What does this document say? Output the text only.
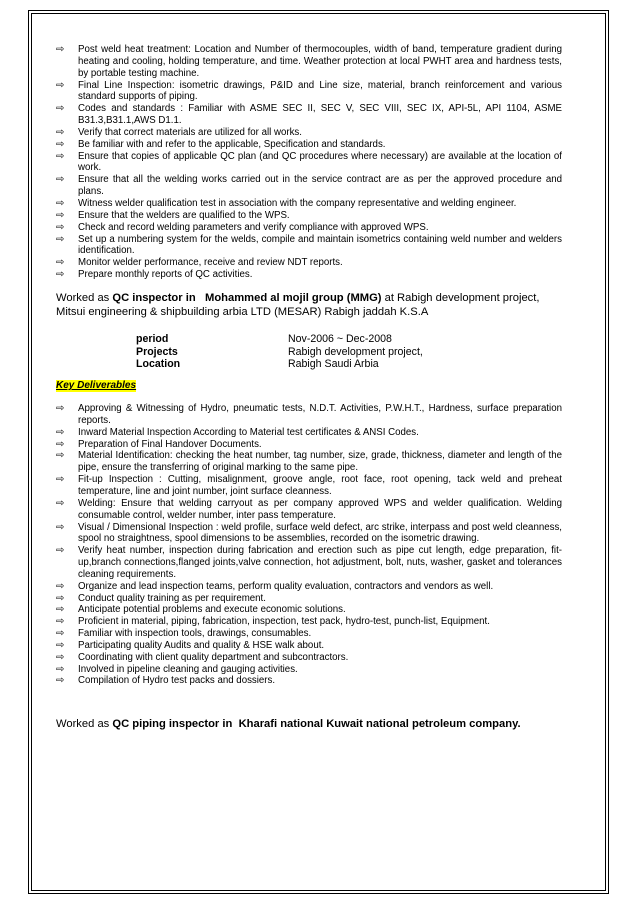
⇨ Post weld heat treatment: Location and Number of thermocouples, width of band, temperature gradient during heating and cooling, holding temperature, and time. Weather protection at local PWHT area and hardness tests, by portable testing machine.
⇨ Final Line Inspection: isometric drawings, P&ID and Line size, material, branch reinforcement and various standard supports of piping.
⇨ Codes and standards : Familiar with ASME SEC II, SEC V, SEC VIII, SEC IX, API-5L, API 1104, ASME B31.3,B31.1,AWS D1.1.
⇨ Verify that correct materials are utilized for all works.
⇨ Be familiar with and refer to the applicable, Specification and standards.
⇨ Ensure that copies of applicable QC plan (and QC procedures where necessary) are available at the location of work.
⇨ Ensure that all the welding works carried out in the service contract are as per the approved procedure and plans.
⇨ Witness welder qualification test in association with the company representative and welding engineer.
⇨ Ensure that the welders are qualified to the WPS.
⇨ Check and record welding parameters and verify compliance with approved WPS.
⇨ Set up a numbering system for the welds, compile and maintain isometrics containing weld number and welders identification.
⇨ Monitor welder performance, receive and review NDT reports.
⇨ Prepare monthly reports of QC activities.

Worked as QC inspector in Mohammed al mojil group (MMG) at Rabigh development project, Mitsui engineering & shipbuilding arbia LTD (MESAR) Rabigh jaddah K.S.A

period	Nov-2006 ~ Dec-2008
Projects	Rabigh development project,
Location	Rabigh Saudi Arbia
Key Deliverables
⇨ Approving & Witnessing of Hydro, pneumatic tests, N.D.T. Activities, P.W.H.T., Hardness, surface preparation reports.
⇨ Inward Material Inspection According to Material test certificates & ANSI Codes.
⇨ Preparation of Final Handover Documents.
⇨ Material Identification: checking the heat number, tag number, size, grade, thickness, diameter and length of the pipe, ensure the transferring of original marking to the same pipe.
⇨ Fit-up Inspection : Cutting, misalignment, groove angle, root face, root opening, tack weld and preheat temperature, line and joint number, joint surface cleanness.
⇨ Welding: Ensure that welding carryout as per company approved WPS and welder qualification. Welding consumable control, welder number, inter pass temperature.
⇨ Visual / Dimensional Inspection : weld profile, surface weld defect, arc strike, interpass and post weld cleanness, spool no straightness, spool dimensions to be assemblies, recorded on the isometric drawing.
⇨ Verify heat number, inspection during fabrication and erection such as pipe cut length, edge preparation, fit-up,branch connections,flanged joints,valve connection, hot adjustment, bolt, nuts, washer, gasket and tolerances cleaning requirements.
⇨ Organize and lead inspection teams, perform quality evaluation, contractors and vendors as well.
⇨ Conduct quality training as per requirement.
⇨ Anticipate potential problems and execute economic solutions.
⇨ Proficient in material, piping, fabrication, inspection, test pack, hydro-test, punch-list, Equipment.
⇨ Familiar with inspection tools, drawings, consumables.
⇨ Participating quality Audits and quality & HSE walk about.
⇨ Coordinating with client quality department and subcontractors.
⇨ Involved in pipeline cleaning and gauging activities.
⇨ Compilation of Hydro test packs and dossiers.

Worked as QC piping inspector in Kharafi national Kuwait national petroleum company.
